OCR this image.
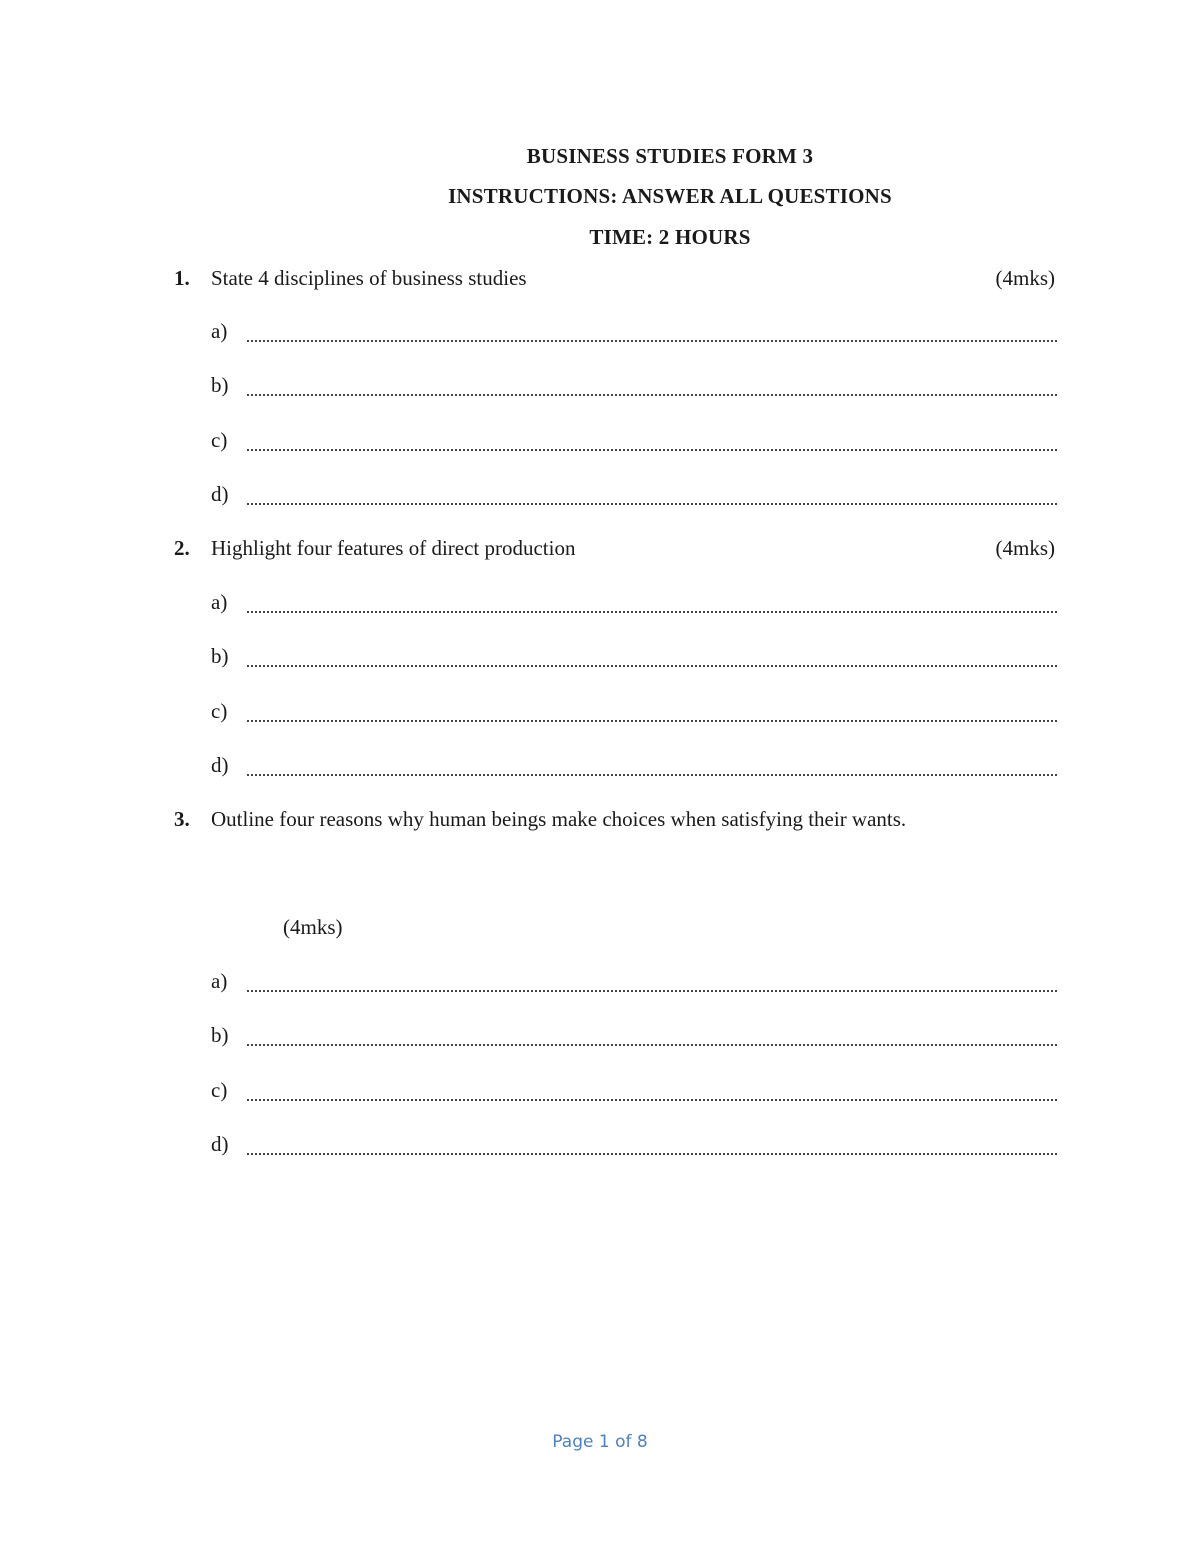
BUSINESS STUDIES FORM 3
INSTRUCTIONS: ANSWER ALL QUESTIONS
TIME: 2 HOURS
1. State 4 disciplines of business studies	(4mks)
a)
b)
c)
d)
2. Highlight four features of direct production	(4mks)
a)
b)
c)
d)
3. Outline four reasons why human beings make choices when satisfying their wants.
(4mks)
a)
b)
c)
d)
Page 1 of 8
